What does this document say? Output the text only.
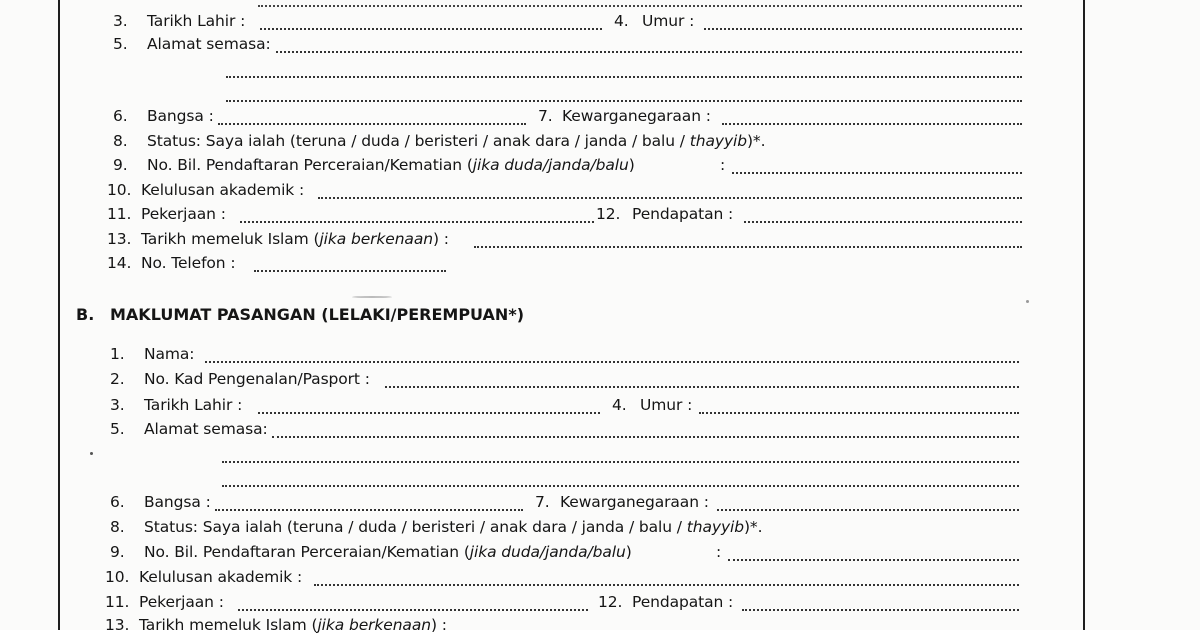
3.	Tarikh Lahir :	4. Umur :
5.	Alamat semasa:
6.	Bangsa :	7. Kewarganegaraan :
8.	Status: Saya ialah (teruna / duda / beristeri / anak dara / janda / balu / thayyib)*.
9.	No. Bil. Pendaftaran Perceraian/Kematian (jika duda/janda/balu)	:
10. Kelulusan akademik :
11. Pekerjaan :	12. Pendapatan :
13. Tarikh memeluk Islam (jika berkenaan) :
14. No. Telefon :
B. MAKLUMAT PASANGAN (LELAKI/PEREMPUAN*)
1.	Nama:
2.	No. Kad Pengenalan/Pasport :
3.	Tarikh Lahir :	4. Umur :
5.	Alamat semasa:
6.	Bangsa :	7. Kewarganegaraan :
8.	Status: Saya ialah (teruna / duda / beristeri / anak dara / janda / balu / thayyib)*.
9.	No. Bil. Pendaftaran Perceraian/Kematian (jika duda/janda/balu)	:
10. Kelulusan akademik :
11. Pekerjaan :	12. Pendapatan :
13. Tarikh memeluk Islam (jika berkenaan) :
